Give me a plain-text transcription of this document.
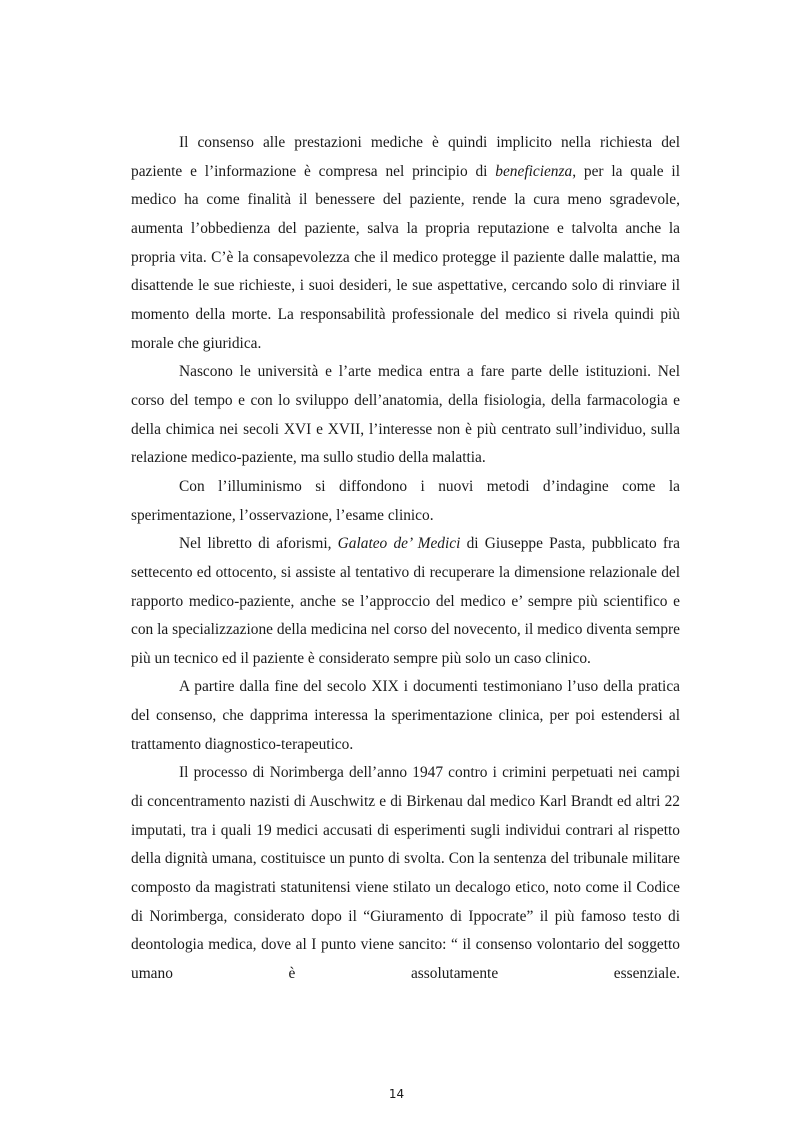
Il consenso alle prestazioni mediche è quindi implicito nella richiesta del paziente e l’informazione è compresa nel principio di beneficienza, per la quale il medico ha come finalità il benessere del paziente, rende la cura meno sgradevole, aumenta l’obbedienza del paziente, salva la propria reputazione e talvolta anche la propria vita. C’è la consapevolezza che il medico protegge il paziente dalle malattie, ma disattende le sue richieste, i suoi desideri, le sue aspettative, cercando solo di rinviare il momento della morte. La responsabilità professionale del medico si rivela quindi più morale che giuridica.

Nascono le università e l’arte medica entra a fare parte delle istituzioni. Nel corso del tempo e con lo sviluppo dell’anatomia, della fisiologia, della farmacologia e della chimica nei secoli XVI e XVII, l’interesse non è più centrato sull’individuo, sulla relazione medico-paziente, ma sullo studio della malattia.

Con l’illuminismo si diffondono i nuovi metodi d’indagine come la sperimentazione, l’osservazione, l’esame clinico.

Nel libretto di aforismi, Galateo de’ Medici di Giuseppe Pasta, pubblicato fra settecento ed ottocento, si assiste al tentativo di recuperare la dimensione relazionale del rapporto medico-paziente, anche se l’approccio del medico e’ sempre più scientifico e con la specializzazione della medicina nel corso del novecento, il medico diventa sempre più un tecnico ed il paziente è considerato sempre più solo un caso clinico.

A partire dalla fine del secolo XIX i documenti testimoniano l’uso della pratica del consenso, che dapprima interessa la sperimentazione clinica, per poi estendersi al trattamento diagnostico-terapeutico.

Il processo di Norimberga dell’anno 1947 contro i crimini perpetuati nei campi di concentramento nazisti di Auschwitz e di Birkenau dal medico Karl Brandt ed altri 22 imputati, tra i quali 19 medici accusati di esperimenti sugli individui contrari al rispetto della dignità umana, costituisce un punto di svolta. Con la sentenza del tribunale militare composto da magistrati statunitensi viene stilato un decalogo etico, noto come il Codice di Norimberga, considerato dopo il “Giuramento di Ippocrate” il più famoso testo di deontologia medica, dove al I punto viene sancito: “ il consenso volontario del soggetto umano è assolutamente essenziale.

14
